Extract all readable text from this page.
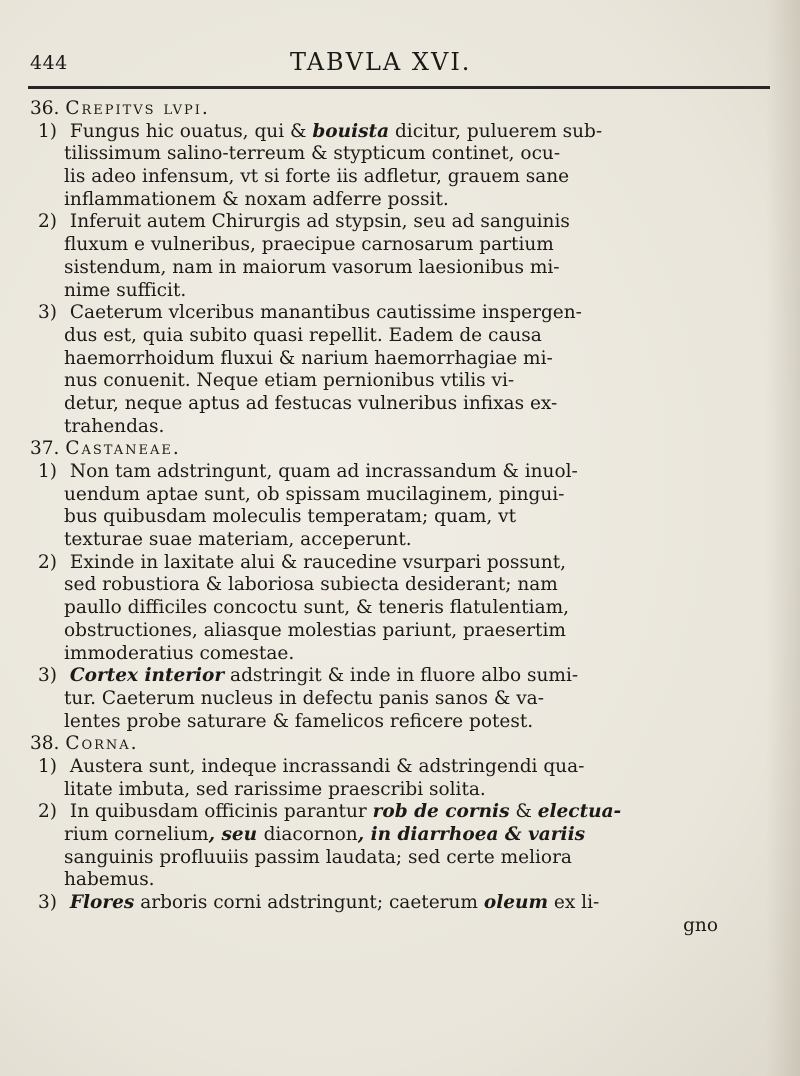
444	TABVLA XVI.
36. Crepitvs lvpi.
1) Fungus hic ouatus, qui & bouista dicitur, puluerem sub-
tilissimum salino-terreum & stypticum continet, ocu-
lis adeo infensum, vt si forte iis adfletur, grauem sane
inflammationem & noxam adferre possit.
2) Inferuit autem Chirurgis ad stypsin, seu ad sanguinis
fluxum e vulneribus, praecipue carnosarum partium
sistendum, nam in maiorum vasorum laesionibus mi-
nime sufficit.
3) Caeterum vlceribus manantibus cautissime inspergen-
dus est, quia subito quasi repellit. Eadem de causa
haemorrhoidum fluxui & narium haemorrhagiae mi-
nus conuenit. Neque etiam pernionibus vtilis vi-
detur, neque aptus ad festucas vulneribus infixas ex-
trahendas.
37. Castaneae.
1) Non tam adstringunt, quam ad incrassandum & inuol-
uendum aptae sunt, ob spissam mucilaginem, pingui-
bus quibusdam moleculis temperatam; quam, vt
texturae suae materiam, acceperunt.
2) Exinde in laxitate alui & raucedine vsurpari possunt,
sed robustiora & laboriosa subiecta desiderant; nam
paullo difficiles concoctu sunt, & teneris flatulentiam,
obstructiones, aliasque molestias pariunt, praesertim
immoderatius comestae.
3) Cortex interior adstringit & inde in fluore albo sumi-
tur. Caeterum nucleus in defectu panis sanos & va-
lentes probe saturare & famelicos reficere potest.
38. Corna.
1) Austera sunt, indeque incrassandi & adstringendi qua-
litate imbuta, sed rarissime praescribi solita.
2) In quibusdam officinis parantur rob de cornis & electua-
rium cornelium, seu diacornon, in diarrhoea & variis
sanguinis profluuiis passim laudata; sed certe meliora
habemus.
3) Flores arboris corni adstringunt; caeterum oleum ex li-
gno
